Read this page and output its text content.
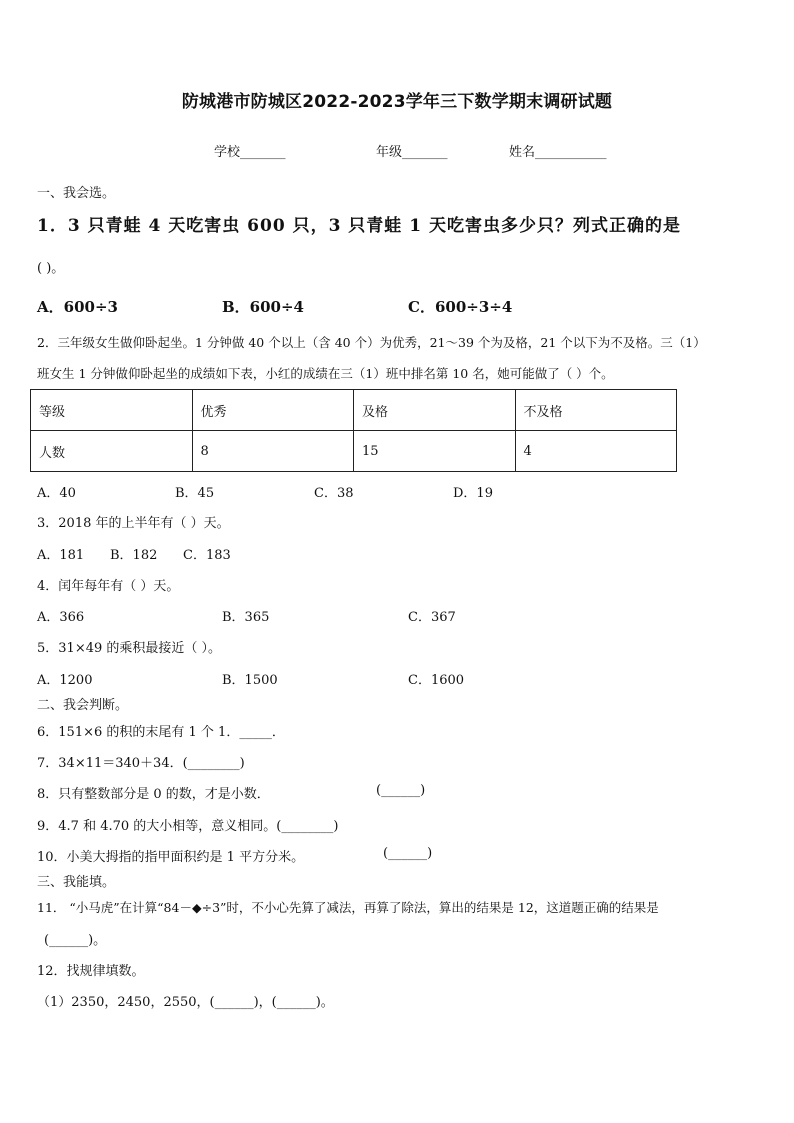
防城港市防城区2022-2023学年三下数学期末调研试题
学校_______	年级_______	姓名___________
一、我会选。
1．3 只青蛙 4 天吃害虫 600 只，3 只青蛙 1 天吃害虫多少只？列式正确的是
( )。
A．600÷3	B．600÷4	C．600÷3÷4
2．三年级女生做仰卧起坐。1 分钟做 40 个以上（含 40 个）为优秀，21～39 个为及格，21 个以下为不及格。三（1）
班女生 1 分钟做仰卧起坐的成绩如下表，小红的成绩在三（1）班中排名第 10 名，她可能做了（ ）个。
等级	优秀	及格	不及格
人数	8	15	4
A．40	B．45	C．38	D．19
3．2018 年的上半年有（ ）天。
A．181 B．182 C．183
4．闰年每年有（ ）天。
A．366	B．365	C．367
5．31×49 的乘积最接近（ ）。
A．1200	B．1500	C．1600
二、我会判断。
6．151×6 的积的末尾有 1 个 1．_____．
7．34×11＝340＋34．(________)
8．只有整数部分是 0 的数，才是小数．	(______)
9．4.7 和 4.70 的大小相等，意义相同。(________)
10．小美大拇指的指甲面积约是 1 平方分米。	(______)
三、我能填。
11． “小马虎”在计算“84－◆÷3”时，不小心先算了减法，再算了除法，算出的结果是 12，这道题正确的结果是
(______)。
12．找规律填数。
（1）2350，2450，2550，(______)，(______)。
